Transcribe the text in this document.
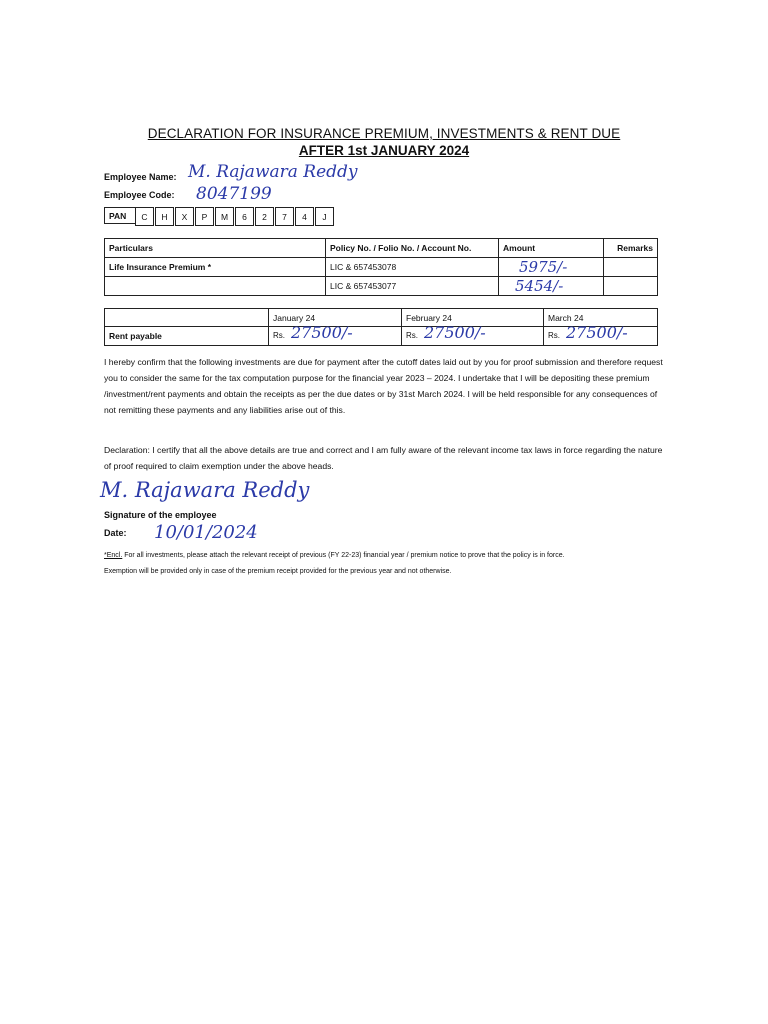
DECLARATION FOR INSURANCE PREMIUM, INVESTMENTS & RENT DUE
AFTER 1st JANUARY 2024
Employee Name: M. Rajawara Reddy
Employee Code: 8047199
PAN	C	H	X	P	M	6	2	7	4	J
Particulars	Policy No. / Folio No. / Account No.	Amount	Remarks
Life Insurance Premium *	LIC & 657453078	5975/-	
	LIC & 657453077	5454/-	
	January 24	February 24	March 24
Rent payable	Rs. 27500/-	Rs. 27500/-	Rs. 27500/-
I hereby confirm that the following investments are due for payment after the cutoff dates laid out by you for proof submission and therefore request you to consider the same for the tax computation purpose for the financial year 2023 – 2024. I undertake that I will be depositing these premium /investment/rent payments and obtain the receipts as per the due dates or by 31st March 2024. I will be held responsible for any consequences of not remitting these payments and any liabilities arise out of this.
Declaration: I certify that all the above details are true and correct and I am fully aware of the relevant income tax laws in force regarding the nature of proof required to claim exemption under the above heads.
M. Rajawara Reddy
Signature of the employee
Date: 10/01/2024
*Encl. For all investments, please attach the relevant receipt of previous (FY 22-23) financial year / premium notice to prove that the policy is in force.
Exemption will be provided only in case of the premium receipt provided for the previous year and not otherwise.
